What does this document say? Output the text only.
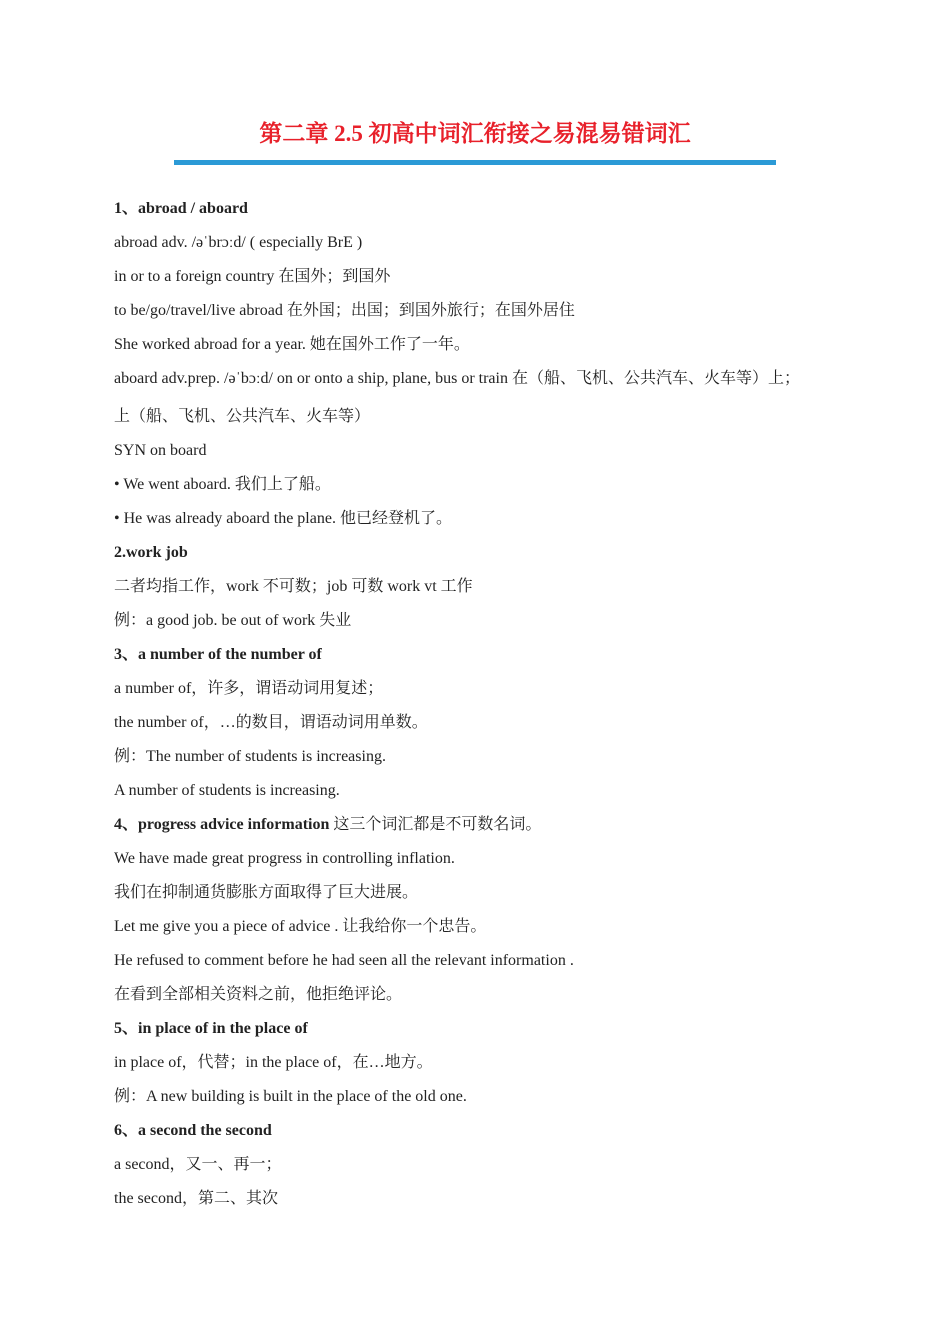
第二章 2.5 初高中词汇衔接之易混易错词汇
1、abroad / aboard
abroad adv. /əˈbrɔːd/ ( especially BrE )
in or to a foreign country 在国外；到国外
to be/go/travel/live abroad 在外国；出国；到国外旅行；在国外居住
She worked abroad for a year. 她在国外工作了一年。
aboard adv.prep. /əˈbɔːd/ on or onto a ship, plane, bus or train 在（船、飞机、公共汽车、火车等）上；
上（船、飞机、公共汽车、火车等）
SYN on board
• We went aboard. 我们上了船。
• He was already aboard the plane. 他已经登机了。
2.work job
二者均指工作，work 不可数；job 可数 work vt 工作
例：a good job. be out of work 失业
3、a number of the number of
a number of，许多，谓语动词用复述；
the number of，…的数目，谓语动词用单数。
例：The number of students is increasing.
A number of students is increasing.
4、progress advice information 这三个词汇都是不可数名词。
We have made great progress in controlling inflation.
我们在抑制通货膨胀方面取得了巨大进展。
Let me give you a piece of advice . 让我给你一个忠告。
He refused to comment before he had seen all the relevant information .
在看到全部相关资料之前，他拒绝评论。
5、in place of in the place of
in place of，代替；in the place of，在…地方。
例：A new building is built in the place of the old one.
6、a second the second
a second，又一、再一；
the second，第二、其次
